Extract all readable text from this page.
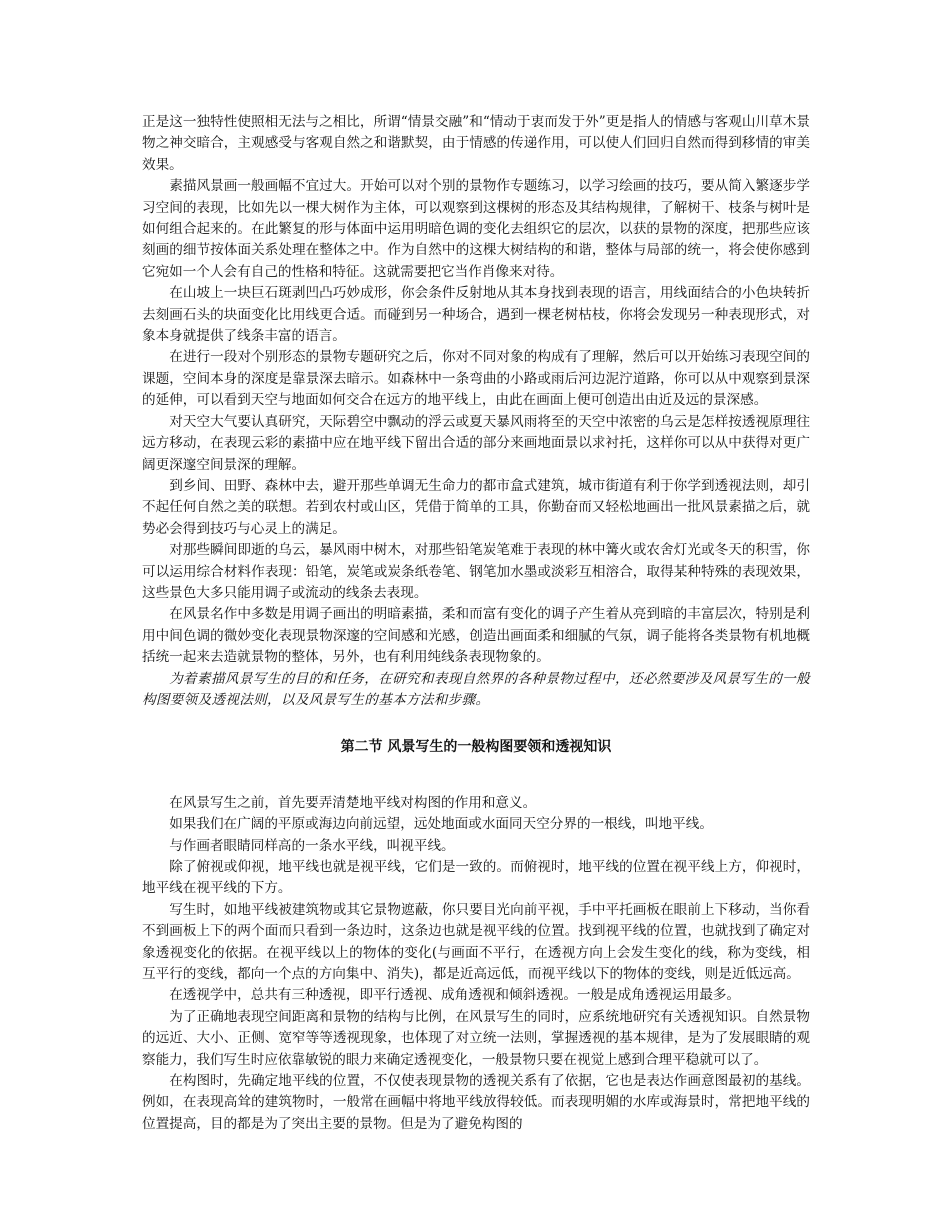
正是这一独特性使照相无法与之相比，所谓“情景交融”和“情动于衷而发于外”更是指人的情感与客观山川草木景物之神交暗合，主观感受与客观自然之和谐默契，由于情感的传递作用，可以使人们回归自然而得到移情的审美效果。

素描风景画一般画幅不宜过大。开始可以对个别的景物作专题练习，以学习绘画的技巧，要从简入繁逐步学习空间的表现，比如先以一棵大树作为主体，可以观察到这棵树的形态及其结构规律，了解树干、枝条与树叶是如何组合起来的。在此繁复的形与体面中运用明暗色调的变化去组织它的层次，以获的景物的深度，把那些应该刻画的细节按体面关系处理在整体之中。作为自然中的这棵大树结构的和谐，整体与局部的统一，将会使你感到它宛如一个人会有自己的性格和特征。这就需要把它当作肖像来对待。

在山坡上一块巨石斑剥凹凸巧妙成形，你会条件反射地从其本身找到表现的语言，用线面结合的小色块转折去刻画石头的块面变化比用线更合适。而碰到另一种场合，遇到一棵老树枯枝，你将会发现另一种表现形式，对象本身就提供了线条丰富的语言。

在进行一段对个别形态的景物专题研究之后，你对不同对象的构成有了理解，然后可以开始练习表现空间的课题，空间本身的深度是靠景深去暗示。如森林中一条弯曲的小路或雨后河边泥泞道路，你可以从中观察到景深的延伸，可以看到天空与地面如何交合在远方的地平线上，由此在画面上便可创造出由近及远的景深感。

对天空大气要认真研究，天际碧空中飘动的浮云或夏天暴风雨将至的天空中浓密的乌云是怎样按透视原理往远方移动，在表现云彩的素描中应在地平线下留出合适的部分来画地面景以求衬托，这样你可以从中获得对更广阔更深邃空间景深的理解。

到乡间、田野、森林中去，避开那些单调无生命力的都市盒式建筑，城市街道有利于你学到透视法则，却引不起任何自然之美的联想。若到农村或山区，凭借于简单的工具，你勤奋而又轻松地画出一批风景素描之后，就势必会得到技巧与心灵上的满足。

对那些瞬间即逝的乌云，暴风雨中树木，对那些铅笔炭笔难于表现的林中篝火或农舍灯光或冬天的积雪，你可以运用综合材料作表现：铅笔，炭笔或炭条纸卷笔、钢笔加水墨或淡彩互相溶合，取得某种特殊的表现效果，这些景色大多只能用调子或流动的线条去表现。

在风景名作中多数是用调子画出的明暗素描，柔和而富有变化的调子产生着从亮到暗的丰富层次，特别是利用中间色调的微妙变化表现景物深邃的空间感和光感，创造出画面柔和细腻的气氛，调子能将各类景物有机地概括统一起来去造就景物的整体，另外，也有利用纯线条表现物象的。

为着素描风景写生的目的和任务，在研究和表现自然界的各种景物过程中，还必然要涉及风景写生的一般构图要领及透视法则，以及风景写生的基本方法和步骤。

第二节 风景写生的一般构图要领和透视知识

在风景写生之前，首先要弄清楚地平线对构图的作用和意义。

如果我们在广阔的平原或海边向前远望，远处地面或水面同天空分界的一根线，叫地平线。

与作画者眼睛同样高的一条水平线，叫视平线。

除了俯视或仰视，地平线也就是视平线，它们是一致的。而俯视时，地平线的位置在视平线上方，仰视时，地平线在视平线的下方。

写生时，如地平线被建筑物或其它景物遮蔽，你只要目光向前平视，手中平托画板在眼前上下移动，当你看不到画板上下的两个面而只看到一条边时，这条边也就是视平线的位置。找到视平线的位置，也就找到了确定对象透视变化的依据。在视平线以上的物体的变化(与画面不平行，在透视方向上会发生变化的线，称为变线，相互平行的变线，都向一个点的方向集中、消失)，都是近高远低，而视平线以下的物体的变线，则是近低远高。

在透视学中，总共有三种透视，即平行透视、成角透视和倾斜透视。一般是成角透视运用最多。

为了正确地表现空间距离和景物的结构与比例，在风景写生的同时，应系统地研究有关透视知识。自然景物的远近、大小、正侧、宽窄等等透视现象，也体现了对立统一法则，掌握透视的基本规律，是为了发展眼睛的观察能力，我们写生时应依靠敏锐的眼力来确定透视变化，一般景物只要在视觉上感到合理平稳就可以了。

在构图时，先确定地平线的位置，不仅使表现景物的透视关系有了依据，它也是表达作画意图最初的基线。例如，在表现高耸的建筑物时，一般常在画幅中将地平线放得较低。而表现明媚的水库或海景时，常把地平线的位置提高，目的都是为了突出主要的景物。但是为了避免构图的
